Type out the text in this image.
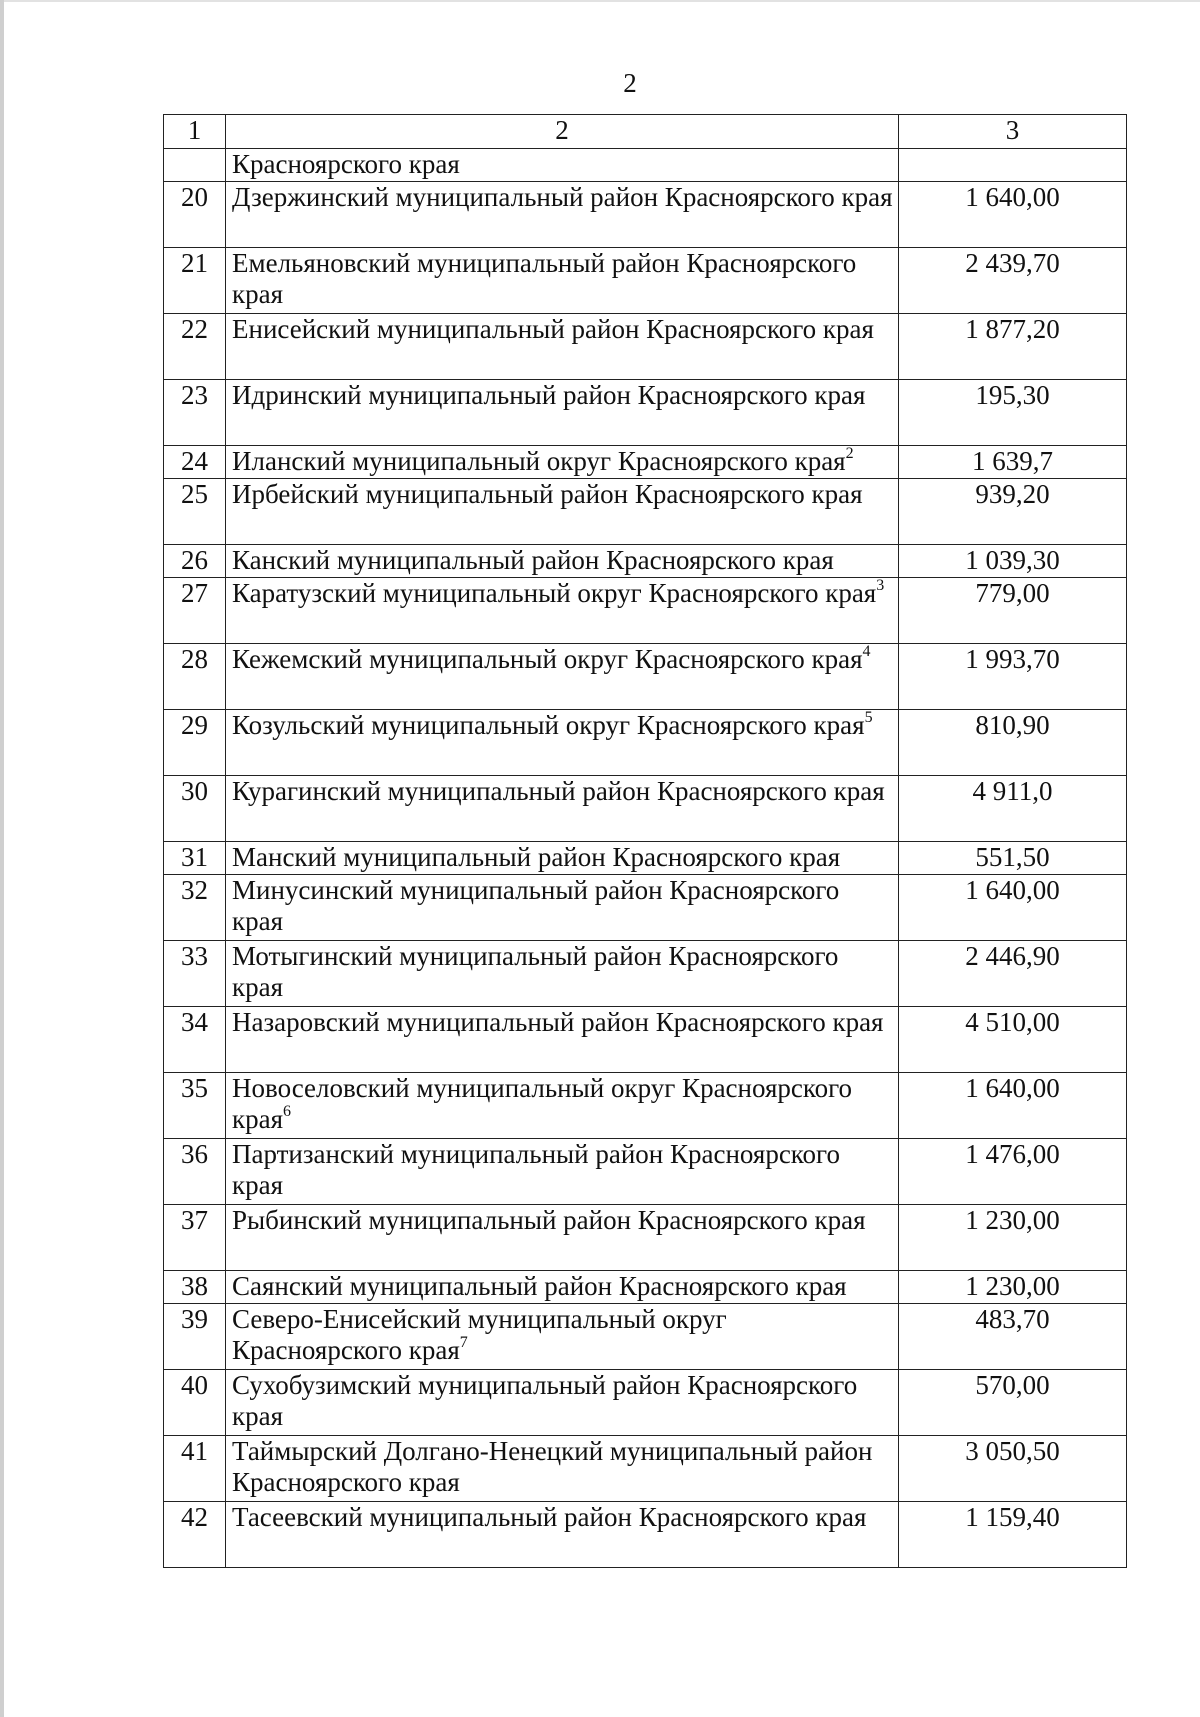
2
1	2	3
	Красноярского края	
20	Дзержинский муниципальный район Красноярского края	1 640,00
21	Емельяновский муниципальный район Красноярского края	2 439,70
22	Енисейский муниципальный район Красноярского края	1 877,20
23	Идринский муниципальный район Красноярского края	195,30
24	Иланский муниципальный округ Красноярского края$^2$	1 639,7
25	Ирбейский муниципальный район Красноярского края	939,20
26	Канский муниципальный район Красноярского края	1 039,30
27	Каратузский муниципальный округ Красноярского края$^3$	779,00
28	Кежемский муниципальный округ Красноярского края$^4$	1 993,70
29	Козульский муниципальный округ Красноярского края$^5$	810,90
30	Курагинский муниципальный район Красноярского края	4 911,0
31	Манский муниципальный район Красноярского края	551,50
32	Минусинский муниципальный район Красноярского края	1 640,00
33	Мотыгинский муниципальный район Красноярского края	2 446,90
34	Назаровский муниципальный район Красноярского края	4 510,00
35	Новоселовский муниципальный округ Красноярского края$^6$	1 640,00
36	Партизанский муниципальный район Красноярского края	1 476,00
37	Рыбинский муниципальный район Красноярского края	1 230,00
38	Саянский муниципальный район Красноярского края	1 230,00
39	Северо-Енисейский муниципальный округ Красноярского края$^7$	483,70
40	Сухобузимский муниципальный район Красноярского края	570,00
41	Таймырский Долгано-Ненецкий муниципальный район Красноярского края	3 050,50
42	Тасеевский муниципальный район Красноярского края	1 159,40
